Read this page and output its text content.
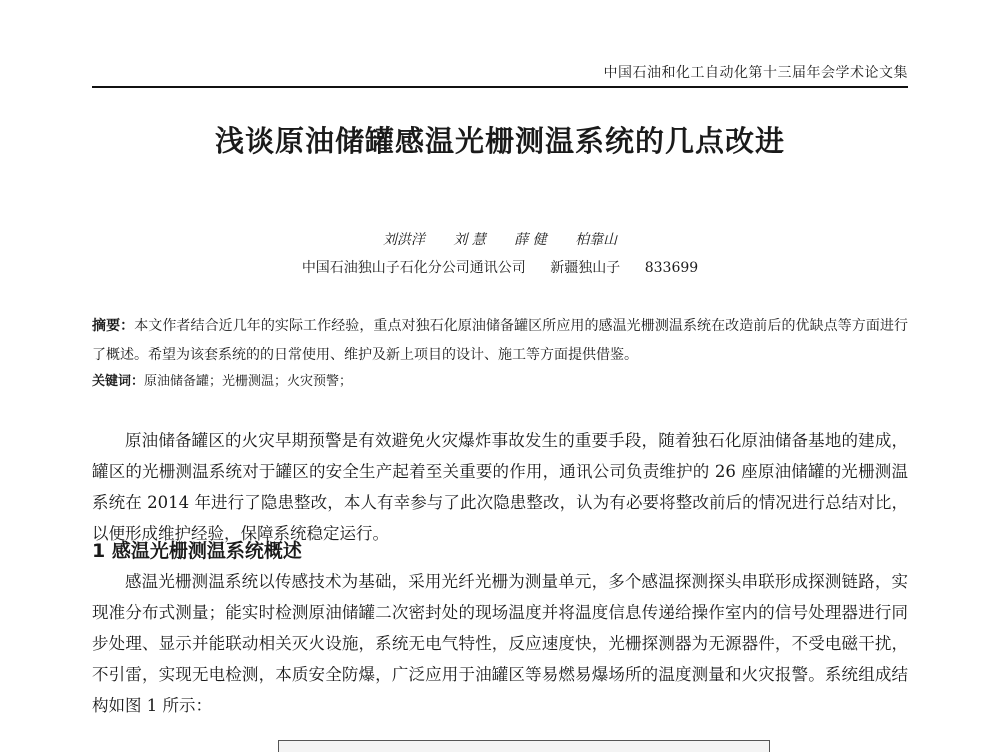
中国石油和化工自动化第十三届年会学术论文集
浅谈原油储罐感温光栅测温系统的几点改进
刘洪洋 刘 慧 薛 健 柏靠山
中国石油独山子石化分公司通讯公司 新疆独山子 833699
摘要：本文作者结合近几年的实际工作经验，重点对独石化原油储备罐区所应用的感温光栅测温系统在改造前后的优缺点等方面进行了概述。希望为该套系统的的日常使用、维护及新上项目的设计、施工等方面提供借鉴。
关键词：原油储备罐；光栅测温；火灾预警；
原油储备罐区的火灾早期预警是有效避免火灾爆炸事故发生的重要手段，随着独石化原油储备基地的建成，罐区的光栅测温系统对于罐区的安全生产起着至关重要的作用，通讯公司负责维护的 26 座原油储罐的光栅测温系统在 2014 年进行了隐患整改，本人有幸参与了此次隐患整改，认为有必要将整改前后的情况进行总结对比，以便形成维护经验，保障系统稳定运行。
1 感温光栅测温系统概述
感温光栅测温系统以传感技术为基础，采用光纤光栅为测量单元，多个感温探测探头串联形成探测链路，实现准分布式测量；能实时检测原油储罐二次密封处的现场温度并将温度信息传递给操作室内的信号处理器进行同步处理、显示并能联动相关灭火设施，系统无电气特性，反应速度快，光栅探测器为无源器件，不受电磁干扰，不引雷，实现无电检测，本质安全防爆，广泛应用于油罐区等易燃易爆场所的温度测量和火灾报警。系统组成结构如图 1 所示：
